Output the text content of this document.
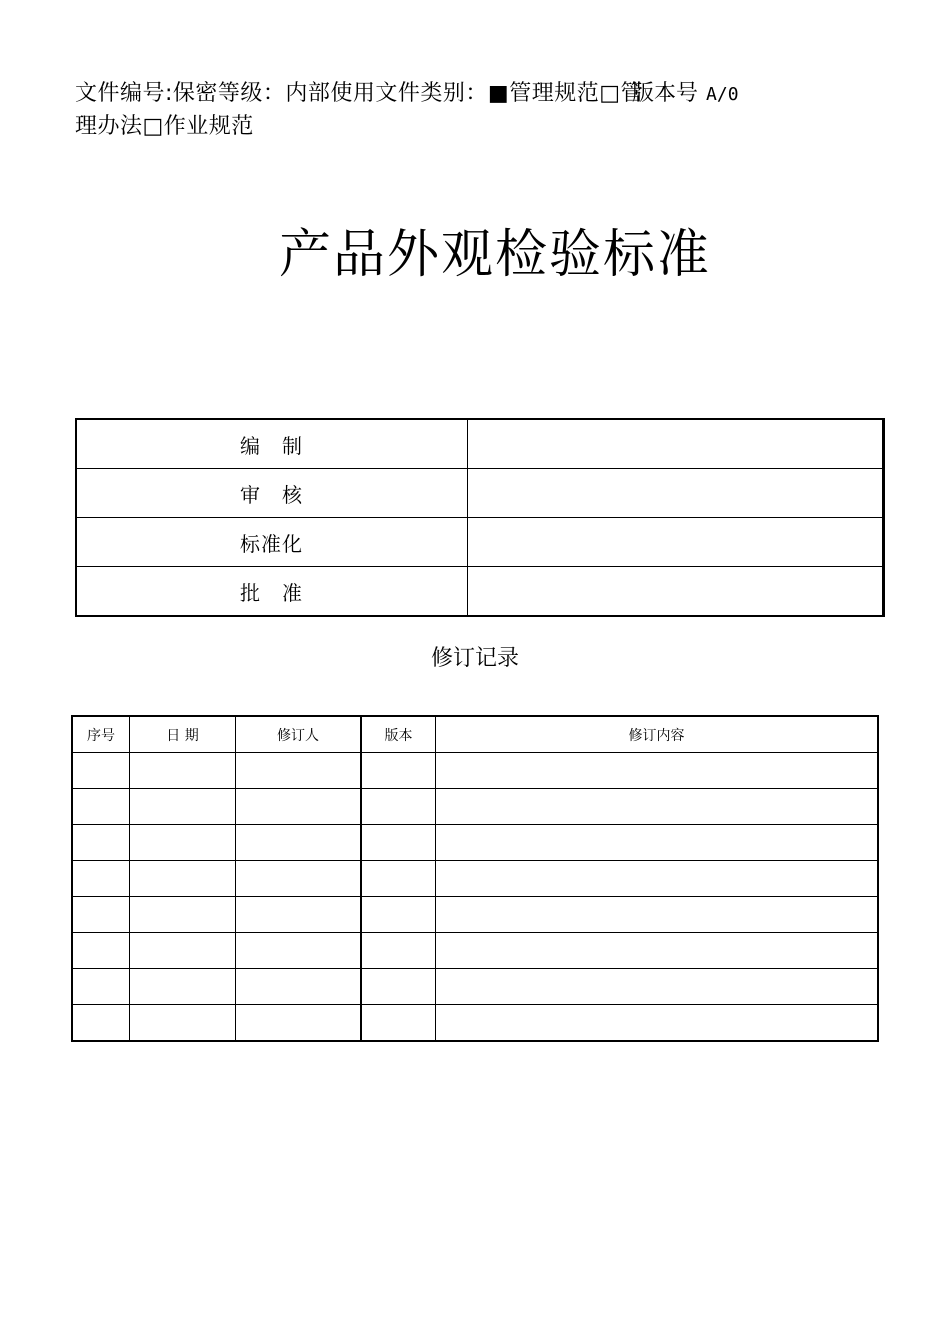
文件编号:保密等级：内部使用文件类别：■管理规范□管
版本号 A/0
理办法□作业规范
产品外观检验标准
编　制	
审　核	
标准化	
批　准	
修订记录
序号	日 期	修订人	版本	修订内容
